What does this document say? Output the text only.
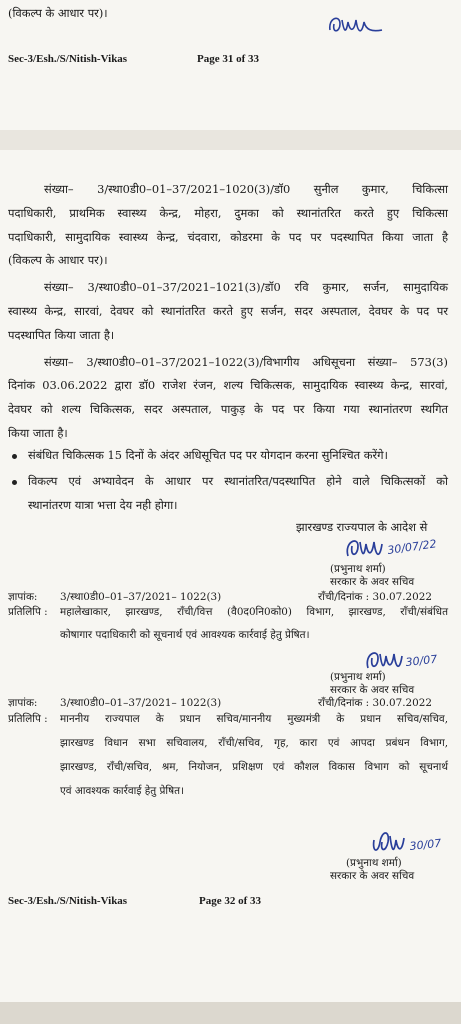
(विकल्प के आधार पर)।
Sec-3/Esh./S/Nitish-Vikas	Page 31 of 33
संख्या– 3/स्था0डी0–01–37/2021–1020(3)/डॉ0 सुनील कुमार, चिकित्सा
पदाधिकारी, प्राथमिक स्वास्थ्य केन्द्र, मोहरा, दुमका को स्थानांतरित करते हुए चिकित्सा
पदाधिकारी, सामुदायिक स्वास्थ्य केन्द्र, चंदवारा, कोडरमा के पद पर पदस्थापित किया जाता है
(विकल्प के आधार पर)।
संख्या– 3/स्था0डी0–01–37/2021–1021(3)/डॉ0 रवि कुमार, सर्जन, सामुदायिक
स्वास्थ्य केन्द्र, सारवां, देवघर को स्थानांतरित करते हुए सर्जन, सदर अस्पताल, देवघर के पद पर
पदस्थापित किया जाता है।
संख्या– 3/स्था0डी0–01–37/2021–1022(3)/विभागीय अधिसूचना संख्या– 573(3)
दिनांक 03.06.2022 द्वारा डॉ0 राजेश रंजन, शल्य चिकित्सक, सामुदायिक स्वास्थ्य केन्द्र, सारवां,
देवघर को शल्य चिकित्सक, सदर अस्पताल, पाकुड़ के पद पर किया गया स्थानांतरण स्थगित
किया जाता है।
संबंधित चिकित्सक 15 दिनों के अंदर अधिसूचित पद पर योगदान करना सुनिश्चित करेंगे।
विकल्प एवं अभ्यावेदन के आधार पर स्थानांतरित/पदस्थापित होने वाले चिकित्सकों को
स्थानांतरण यात्रा भत्ता देय नही होगा।
झारखण्ड राज्यपाल के आदेश से
30/07/22
(प्रभुनाथ शर्मा)
सरकार के अवर सचिव
ज्ञापांक: 3/स्था0डी0–01–37/2021– 1022(3)	राँची/दिनांक : 30.07.2022
प्रतिलिपि : महालेखाकार, झारखण्ड, राँची/वित्त (वै0द0नि0को0) विभाग, झारखण्ड, राँची/संबंधित
कोषागार पदाधिकारी को सूचनार्थ एवं आवश्यक कार्रवाई हेतु प्रेषित।
30/07
(प्रभुनाथ शर्मा)
सरकार के अवर सचिव
ज्ञापांक: 3/स्था0डी0–01–37/2021– 1022(3)	राँची/दिनांक : 30.07.2022
प्रतिलिपि : माननीय राज्यपाल के प्रधान सचिव/माननीय मुख्यमंत्री के प्रधान सचिव/सचिव,
झारखण्ड विधान सभा सचिवालय, राँची/सचिव, गृह, कारा एवं आपदा प्रबंधन विभाग,
झारखण्ड, राँची/सचिव, श्रम, नियोजन, प्रशिक्षण एवं कौशल विकास विभाग को सूचनार्थ
एवं आवश्यक कार्रवाई हेतु प्रेषित।
30/07
(प्रभुनाथ शर्मा)
सरकार के अवर सचिव
Sec-3/Esh./S/Nitish-Vikas	Page 32 of 33
